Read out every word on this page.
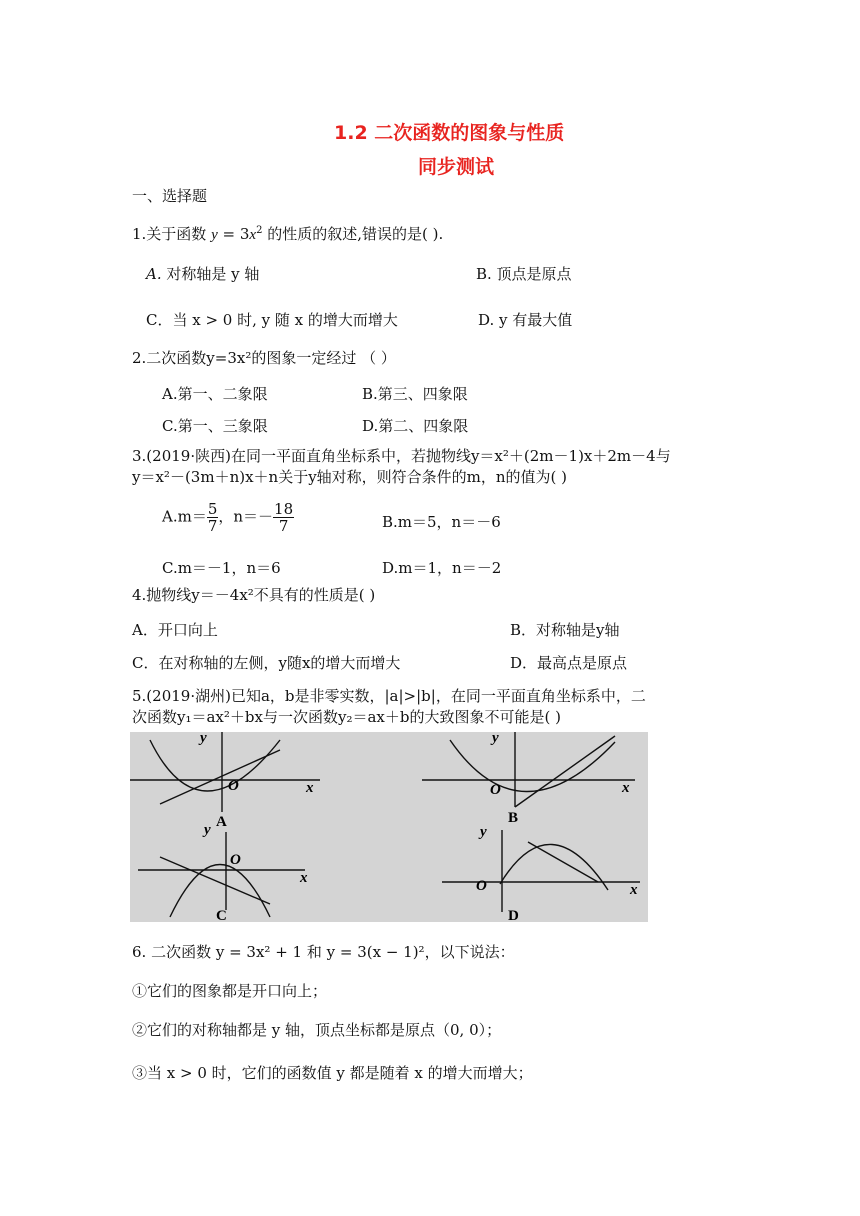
1.2 二次函数的图象与性质
同步测试
一、选择题
1.关于函数 $y = 3x^2$ 的性质的叙述,错误的是( ).
A. 对称轴是 y 轴	B. 顶点是原点
C．当 x > 0 时, y 随 x 的增大而增大	D. y 有最大值
2.二次函数y=3x²的图象一定经过 （ ）
A.第一、二象限	B.第三、四象限
C.第一、三象限	D.第二、四象限
3.(2019·陕西)在同一平面直角坐标系中，若抛物线y＝x²＋(2m－1)x＋2m－4与
y＝x²－(3m＋n)x＋n关于y轴对称，则符合条件的m，n的值为( )
$A.m= \frac{5}{7}$ ，$n=- \frac{18}{7}$	B.m＝5，n＝－6
C.m＝－1，n＝6	D.m＝1，n＝－2
4.抛物线y＝－4x²不具有的性质是( )
A．开口向上	B．对称轴是y轴
C．在对称轴的左侧，y随x的增大而增大	D．最高点是原点
5.(2019·湖州)已知a，b是非零实数，|a|>|b|，在同一平面直角坐标系中，二
次函数y₁＝ax²＋bx与一次函数y₂＝ax＋b的大致图象不可能是( )
y
x
O
A
y
x
O
B
y
x
O
C
y
x
O
D
6. 二次函数 y = 3x² + 1 和 y = 3(x − 1)²，以下说法：
①它们的图象都是开口向上；
②它们的对称轴都是 y 轴，顶点坐标都是原点（0, 0）；
③当 x > 0 时，它们的函数值 y 都是随着 x 的增大而增大；
